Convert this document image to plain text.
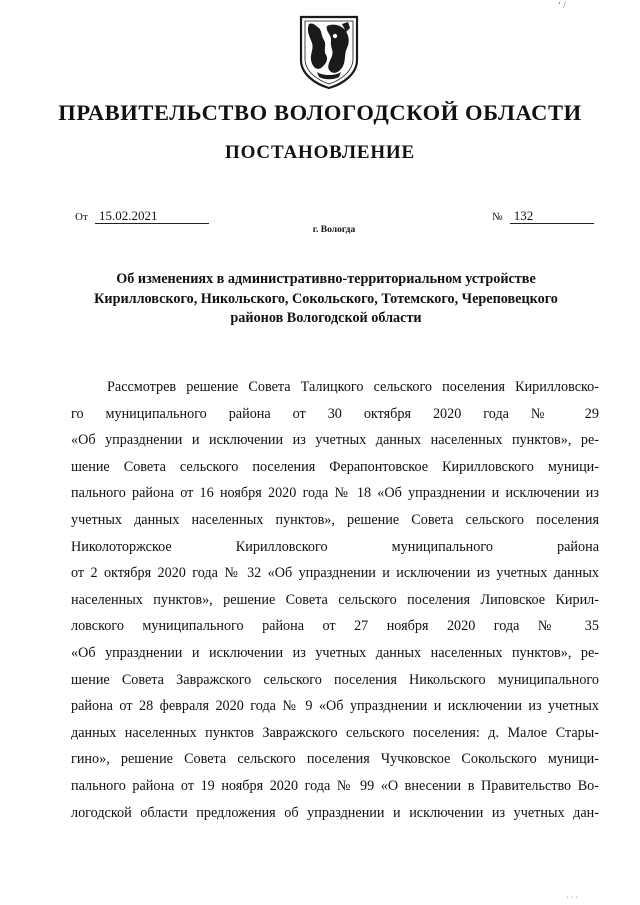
‘ /
ПРАВИТЕЛЬСТВО ВОЛОГОДСКОЙ ОБЛАСТИ
ПОСТАНОВЛЕНИЕ
От 15.02.2021	№ 132
г. Вологда
Об изменениях в административно-территориальном устройстве
Кирилловского, Никольского, Сокольского, Тотемского, Череповецкого
районов Вологодской области
Рассмотрев решение Совета Талицкого сельского поселения Кирилловско-
го муниципального района от 30 октября 2020 года № 29
«Об упразднении и исключении из учетных данных населенных пунктов», ре-
шение Совета сельского поселения Ферапонтовское Кирилловского муници-
пального района от 16 ноября 2020 года № 18 «Об упразднении и исключении из
учетных данных населенных пунктов», решение Совета сельского поселения
Николоторжское Кирилловского муниципального района
от 2 октября 2020 года № 32 «Об упразднении и исключении из учетных данных
населенных пунктов», решение Совета сельского поселения Липовское Кирил-
ловского муниципального района от 27 ноября 2020 года № 35
«Об упразднении и исключении из учетных данных населенных пунктов», ре-
шение Совета Завражского сельского поселения Никольского муниципального
района от 28 февраля 2020 года № 9 «Об упразднении и исключении из учетных
данных населенных пунктов Завражского сельского поселения: д. Малое Стары-
гино», решение Совета сельского поселения Чучковское Сокольского муници-
пального района от 19 ноября 2020 года № 99 «О внесении в Правительство Во-
логодской области предложения об упразднении и исключении из учетных дан-
···
